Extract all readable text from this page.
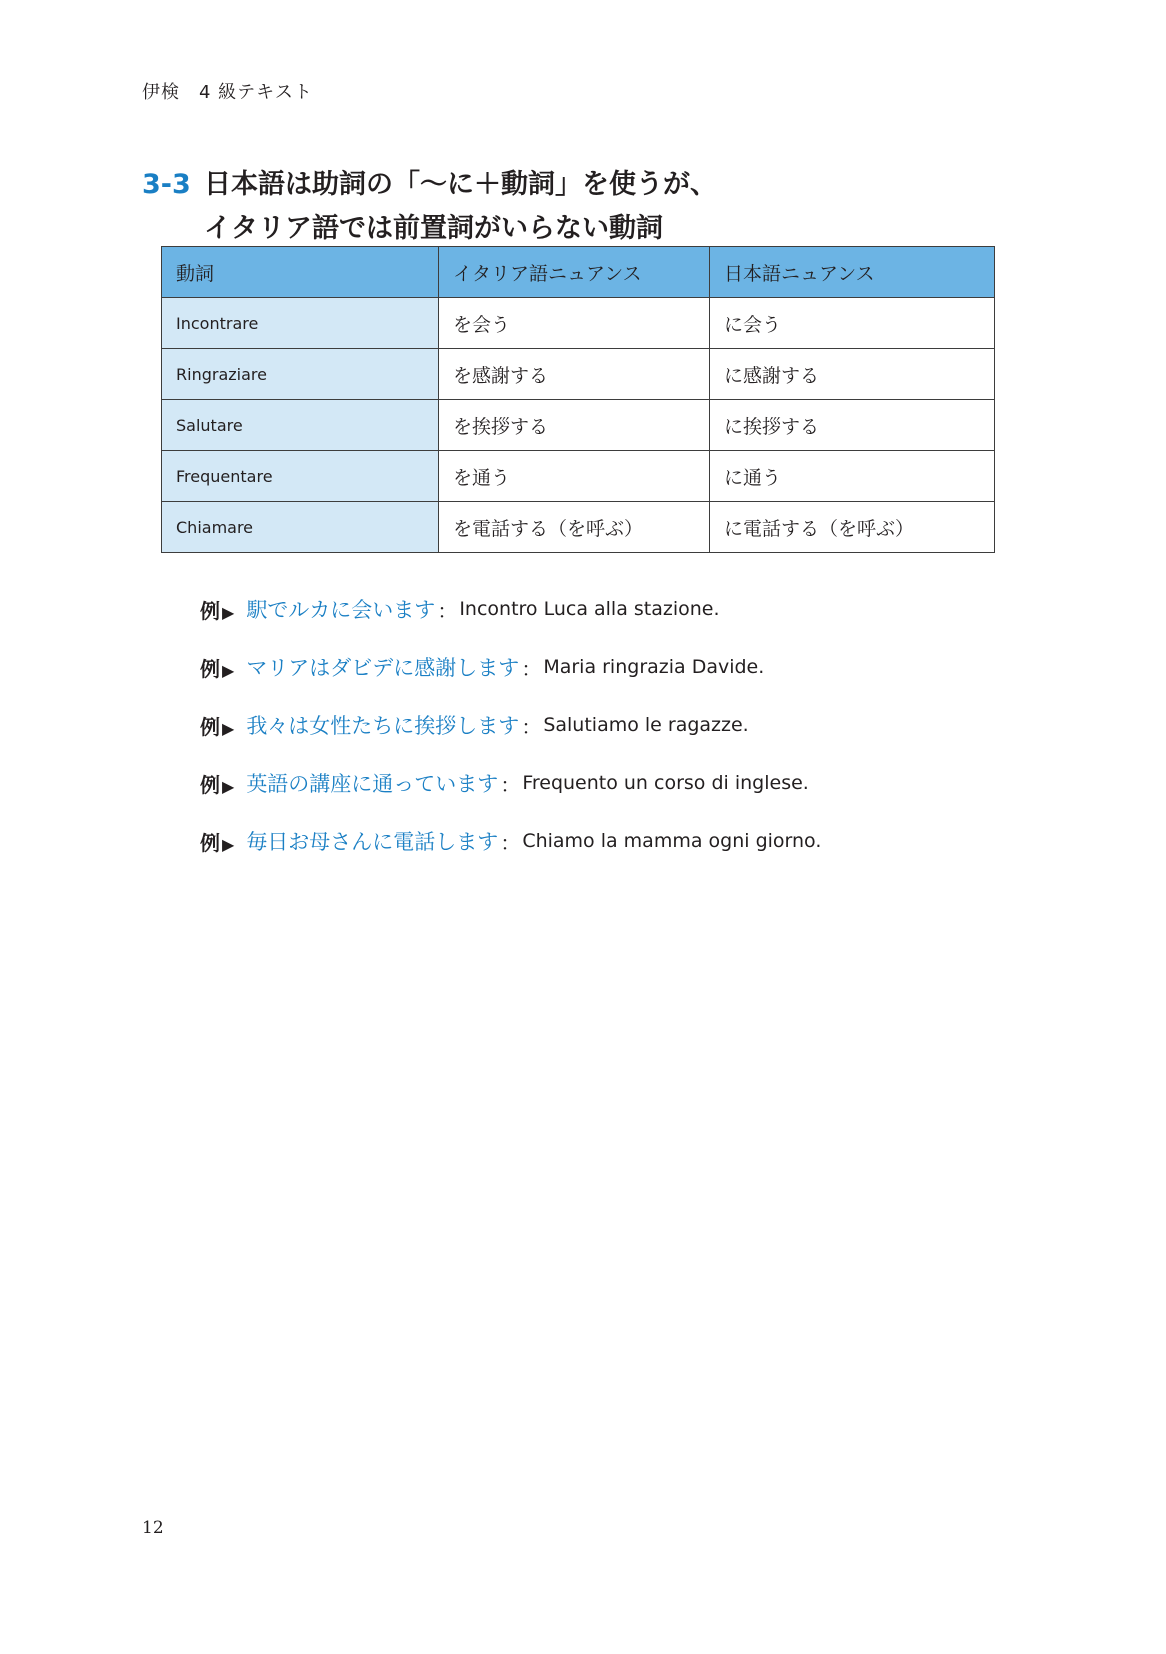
伊検　4 級テキスト
3-3 日本語は助詞の「～に＋動詞」を使うが、
イタリア語では前置詞がいらない動詞
動詞	イタリア語ニュアンス	日本語ニュアンス
Incontrare	を会う	に会う
Ringraziare	を感謝する	に感謝する
Salutare	を挨拶する	に挨拶する
Frequentare	を通う	に通う
Chiamare	を電話する（を呼ぶ）	に電話する（を呼ぶ）
例 ▶ 駅でルカに会います ： Incontro Luca alla stazione.
例 ▶ マリアはダビデに感謝します ： Maria ringrazia Davide.
例 ▶ 我々は女性たちに挨拶します ： Salutiamo le ragazze.
例 ▶ 英語の講座に通っています ： Frequento un corso di inglese.
例 ▶ 毎日お母さんに電話します ： Chiamo la mamma ogni giorno.
12
